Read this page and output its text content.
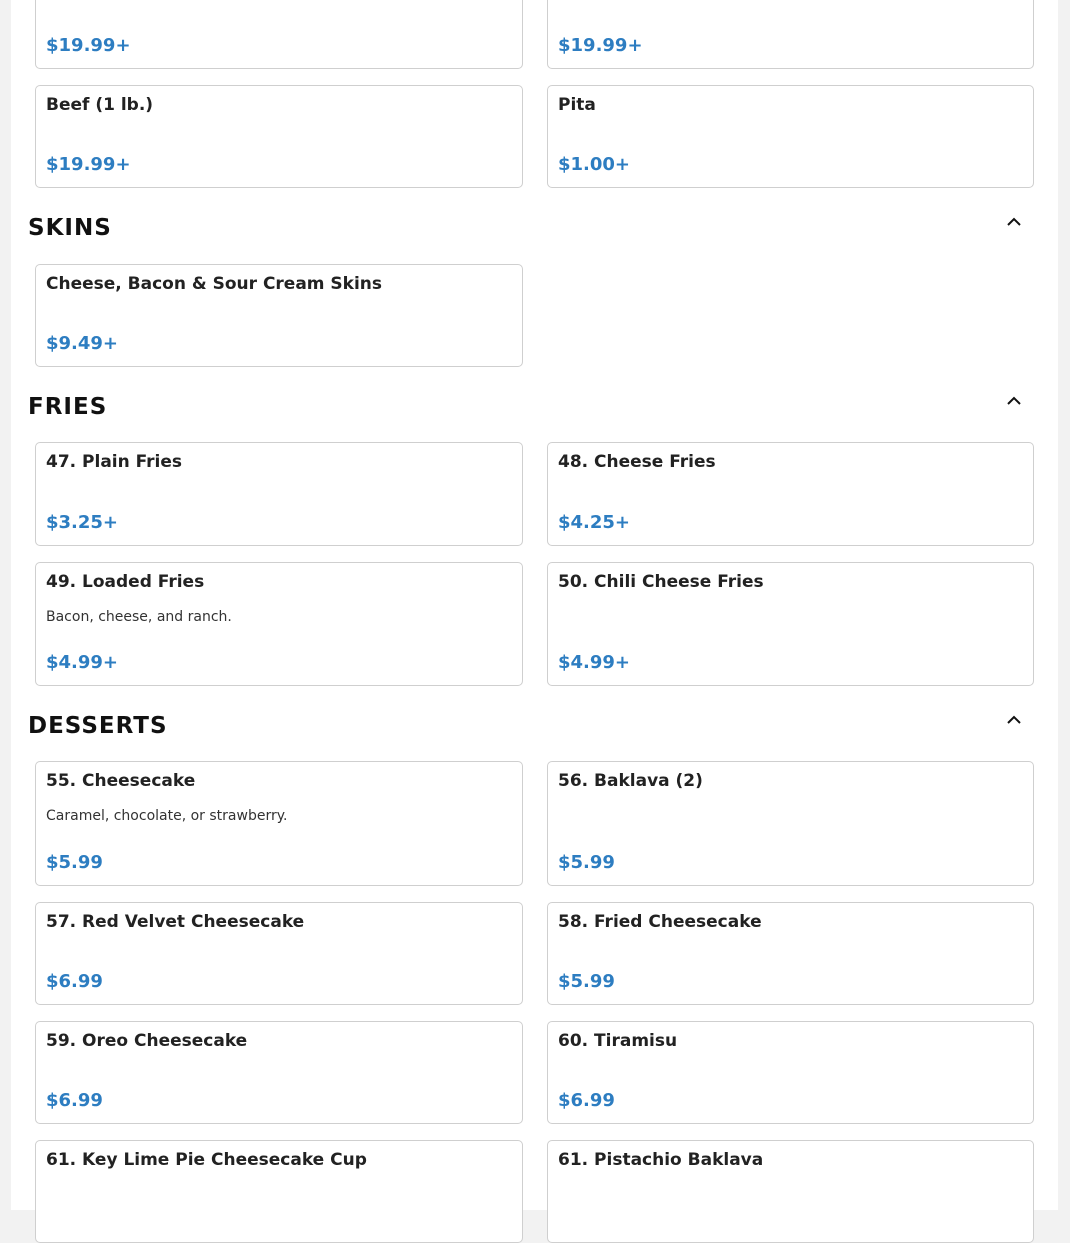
$19.99+	$19.99+
Beef (1 lb.)
$19.99+
Pita
$1.00+
SKINS
Cheese, Bacon & Sour Cream Skins
$9.49+
FRIES
47. Plain Fries
$3.25+
48. Cheese Fries
$4.25+
49. Loaded Fries
Bacon, cheese, and ranch.
$4.99+
50. Chili Cheese Fries
$4.99+
DESSERTS
55. Cheesecake
Caramel, chocolate, or strawberry.
$5.99
56. Baklava (2)
$5.99
57. Red Velvet Cheesecake
$6.99
58. Fried Cheesecake
$5.99
59. Oreo Cheesecake
$6.99
60. Tiramisu
$6.99
61. Key Lime Pie Cheesecake Cup	61. Pistachio Baklava
